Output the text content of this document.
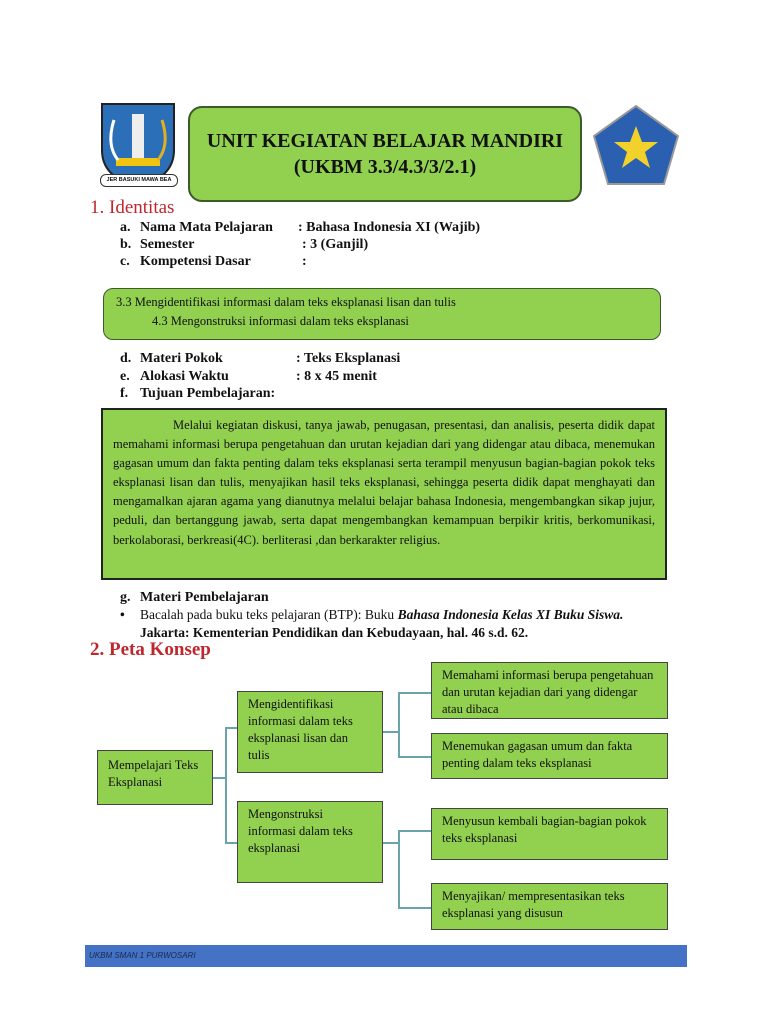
JER BASUKI MAWA BEA
UNIT KEGIATAN BELAJAR MANDIRI
(UKBM 3.3/4.3/3/2.1)
1. Identitas
a. Nama Mata Pelajaran : Bahasa Indonesia XI (Wajib)
b. Semester	: 3 (Ganjil)
c. Kompetensi Dasar	:
3.3 Mengidentifikasi informasi dalam teks eksplanasi lisan dan tulis
4.3 Mengonstruksi informasi dalam teks eksplanasi
d. Materi Pokok	: Teks Eksplanasi
e. Alokasi Waktu	: 8 x 45 menit
f. Tujuan Pembelajaran:
Melalui kegiatan diskusi, tanya jawab, penugasan, presentasi, dan analisis, peserta didik dapat memahami informasi berupa pengetahuan dan urutan kejadian dari yang didengar atau dibaca, menemukan gagasan umum dan fakta penting dalam teks eksplanasi serta terampil menyusun bagian-bagian pokok teks eksplanasi lisan dan tulis, menyajikan hasil teks eksplanasi, sehingga peserta didik dapat menghayati dan mengamalkan ajaran agama yang dianutnya melalui belajar bahasa Indonesia, mengembangkan sikap jujur, peduli, dan bertanggung jawab, serta dapat mengembangkan kemampuan berpikir kritis, berkomunikasi, berkolaborasi, berkreasi(4C). berliterasi ,dan berkarakter religius.
g. Materi Pembelajaran
•	Bacalah pada buku teks pelajaran (BTP): Buku Bahasa Indonesia Kelas XI Buku Siswa.
Jakarta: Kementerian Pendidikan dan Kebudayaan, hal. 46 s.d. 62.
2. Peta Konsep
Mempelajari Teks Eksplanasi
Mengidentifikasi informasi dalam teks eksplanasi lisan dan tulis
Mengonstruksi informasi dalam teks eksplanasi
Memahami informasi berupa pengetahuan dan urutan kejadian dari yang didengar atau dibaca
Menemukan gagasan umum dan fakta penting dalam teks eksplanasi
Menyusun kembali bagian-bagian pokok teks eksplanasi
Menyajikan/ mempresentasikan teks eksplanasi yang disusun
UKBM SMAN 1 PURWOSARI
